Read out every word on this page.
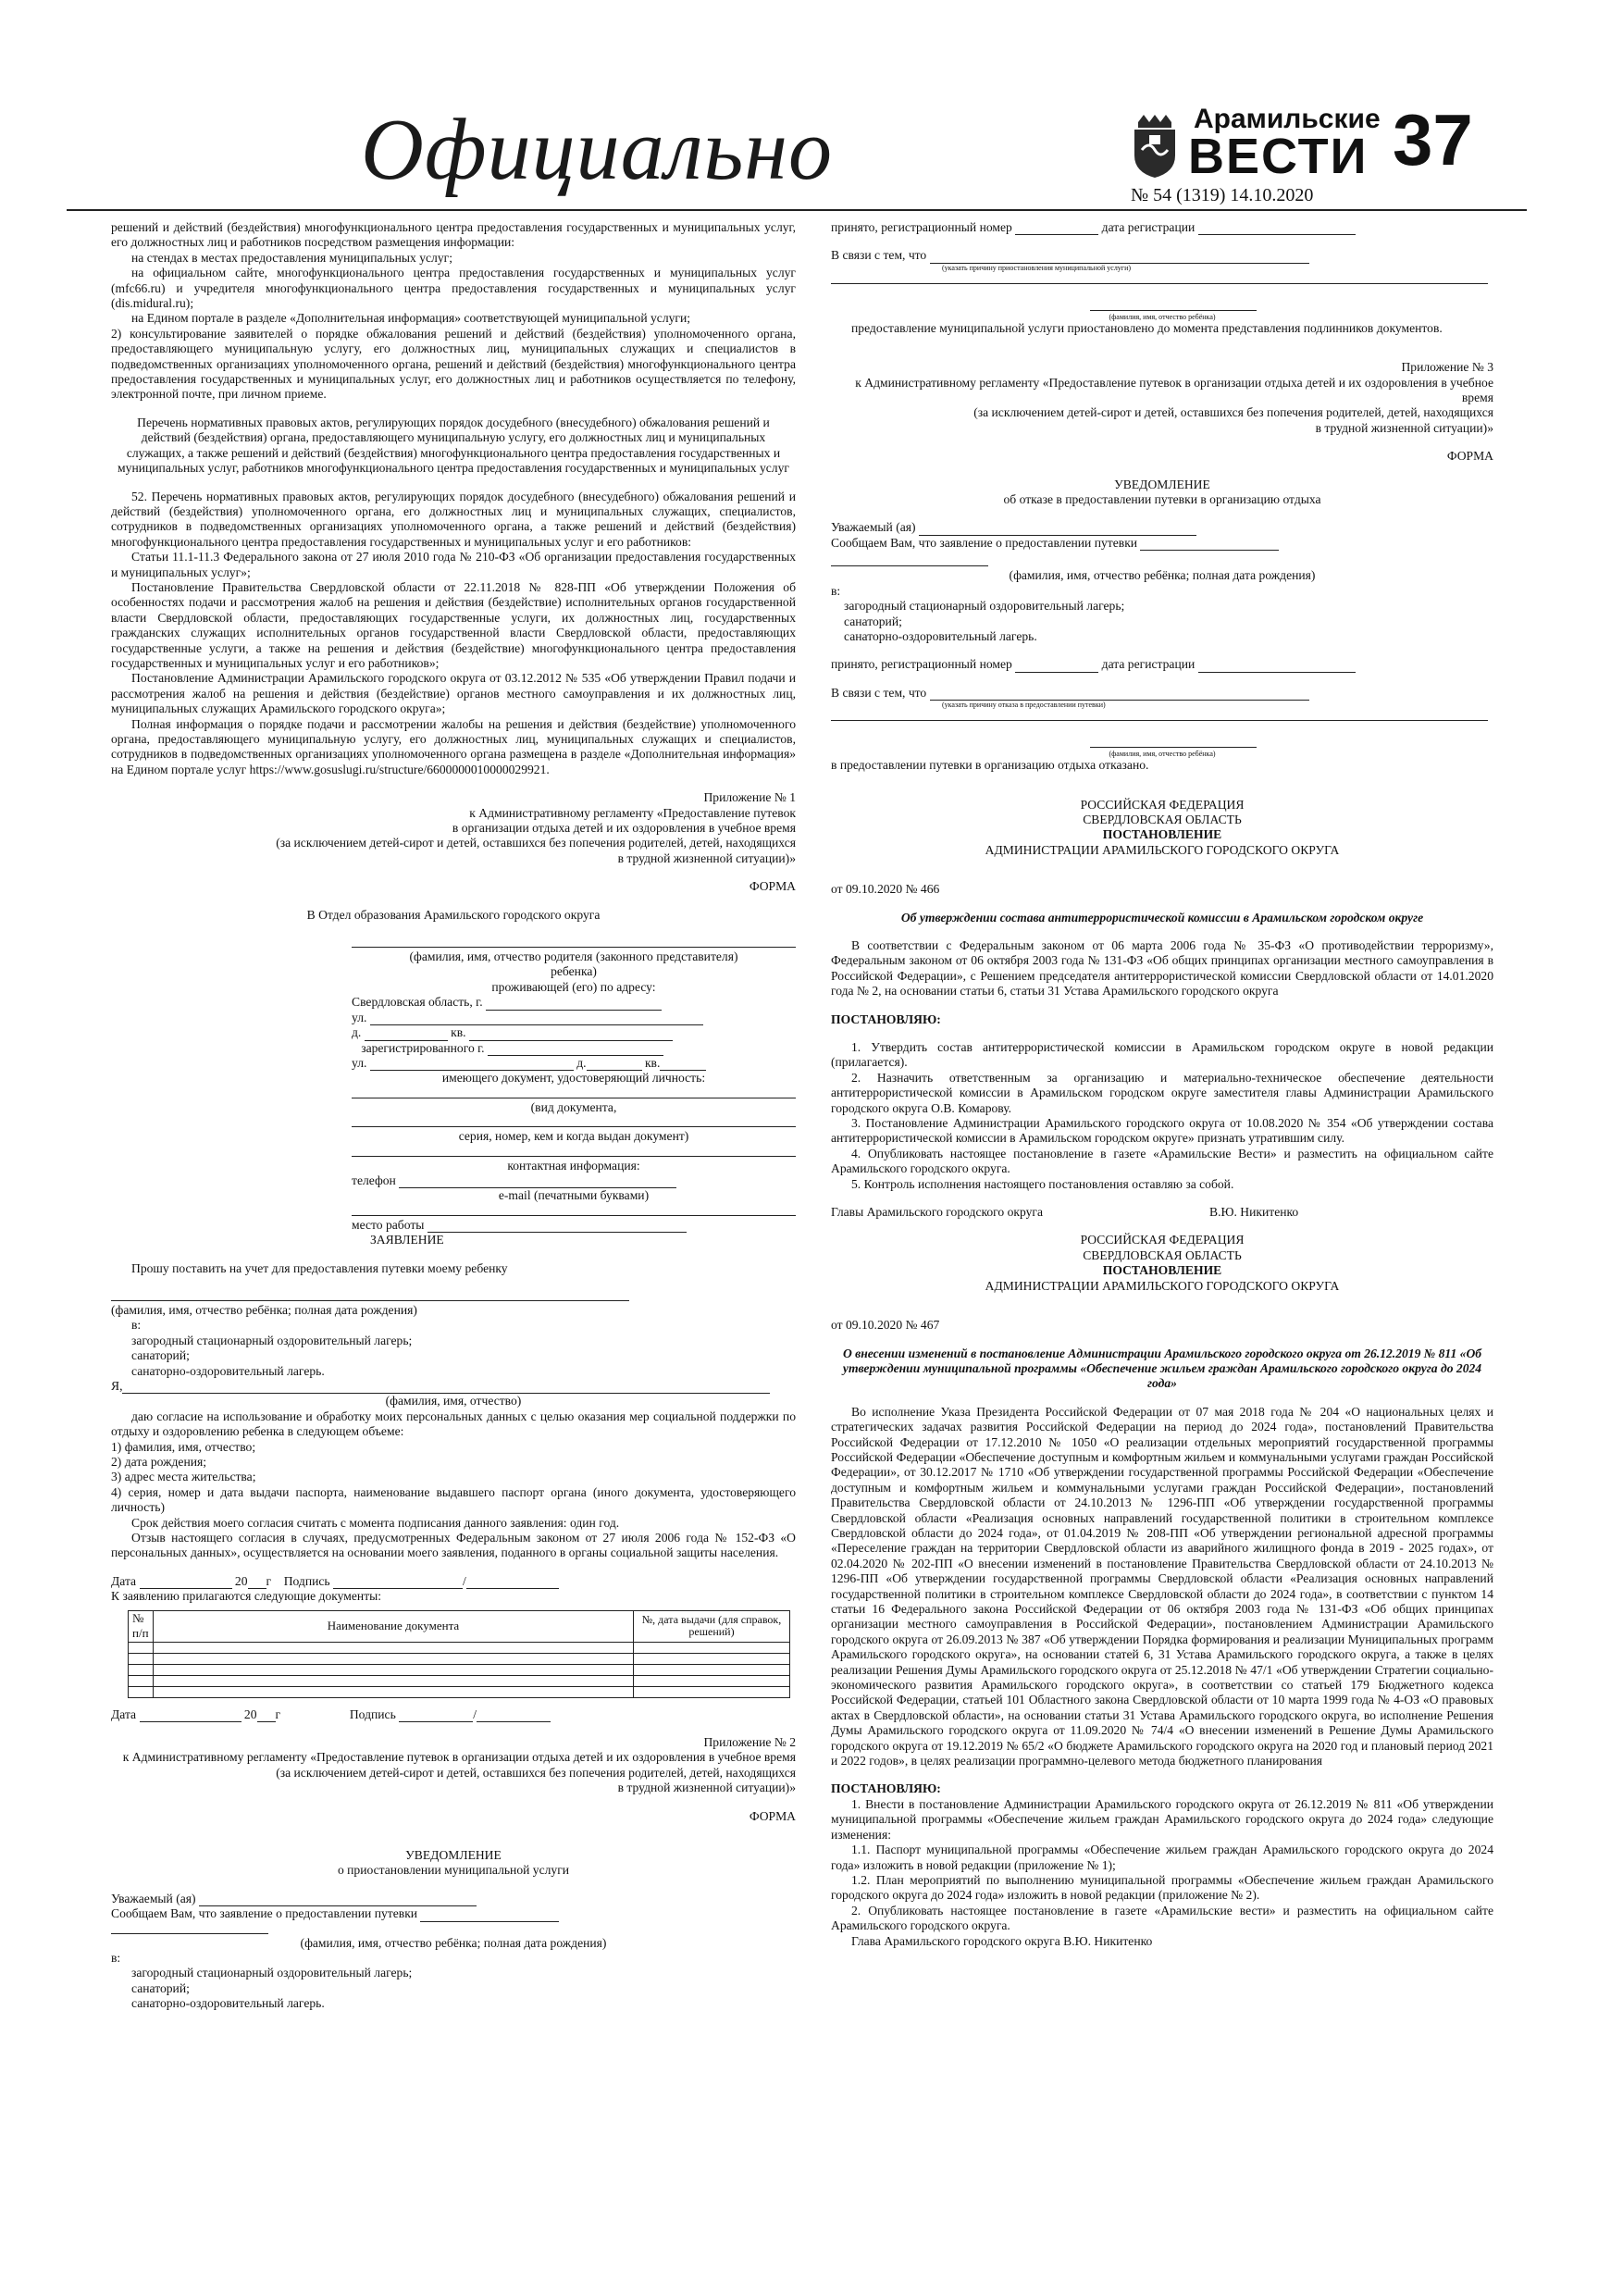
Официально	Арамильские
ВЕСТИ 37
№ 54 (1319) 14.10.2020

решений и действий (бездействия) многофункционального центра предоставления государственных и муниципальных услуг, его должностных лиц и работников посредством размещения информации:

на стендах в местах предоставления муниципальных услуг;

на официальном сайте, многофункционального центра предоставления государственных и муниципальных услуг (mfc66.ru) и учредителя многофункционального центра предоставления государственных и муниципальных услуг (dis.midural.ru);

на Едином портале в разделе «Дополнительная информация» соответствующей муниципальной услуги;

2) консультирование заявителей о порядке обжалования решений и действий (бездействия) уполномоченного органа, предоставляющего муниципальную услугу, его должностных лиц, муниципальных служащих и специалистов в подведомственных организациях уполномоченного органа, решений и действий (бездействия) многофункционального центра предоставления государственных и муниципальных услуг, его должностных лиц и работников осуществляется по телефону, электронной почте, при личном приеме.

Перечень нормативных правовых актов, регулирующих порядок досудебного (внесудебного) обжалования решений и действий (бездействия) органа, предоставляющего муниципальную услугу, его должностных лиц и муниципальных служащих, а также решений и действий (бездействия) многофункционального центра предоставления государственных и муниципальных услуг, работников многофункционального центра предоставления государственных и муниципальных услуг

52. Перечень нормативных правовых актов, регулирующих порядок досудебного (внесудебного) обжалования решений и действий (бездействия) уполномоченного органа, его должностных лиц и муниципальных служащих, специалистов, сотрудников в подведомственных организациях уполномоченного органа, а также решений и действий (бездействия) многофункционального центра предоставления государственных и муниципальных услуг и его работников:

Статьи 11.1-11.3 Федерального закона от 27 июля 2010 года № 210-ФЗ «Об организации предоставления государственных и муниципальных услуг»;

Постановление Правительства Свердловской области от 22.11.2018 № 828-ПП «Об утверждении Положения об особенностях подачи и рассмотрения жалоб на решения и действия (бездействие) исполнительных органов государственной власти Свердловской области, предоставляющих государственные услуги, их должностных лиц, государственных гражданских служащих исполнительных органов государственной власти Свердловской области, предоставляющих государственные услуги, а также на решения и действия (бездействие) многофункционального центра предоставления государственных и муниципальных услуг и его работников»;

Постановление Администрации Арамильского городского округа от 03.12.2012 № 535 «Об утверждении Правил подачи и рассмотрения жалоб на решения и действия (бездействие) органов местного самоуправления и их должностных лиц, муниципальных служащих Арамильского городского округа»;

Полная информация о порядке подачи и рассмотрении жалобы на решения и действия (бездействие) уполномоченного органа, предоставляющего муниципальную услугу, его должностных лиц, муниципальных служащих и специалистов, сотрудников в подведомственных организациях уполномоченного органа размещена в разделе «Дополнительная информация» на Едином портале услуг https://www.gosuslugi.ru/structure/6600000010000029921.

Приложение № 1

к Административному регламенту «Предоставление путевок

в организации отдыха детей и их оздоровления в учебное время

(за исключением детей-сирот и детей, оставшихся без попечения родителей, детей, находящихся

в трудной жизненной ситуации)»

ФОРМА

В Отдел образования Арамильского городского округа

(фамилия, имя, отчество родителя (законного представителя)

ребенка)

проживающей (его) по адресу:

Свердловская область, г.

ул.

д.	кв.

зарегистрированного г.

ул.	д.	кв.

имеющего документ, удостоверяющий личность:

(вид документа,

серия, номер, кем и когда выдан документ)

контактная информация:

телефон

e-mail (печатными буквами)

место работы

ЗАЯВЛЕНИЕ

Прошу поставить на учет для предоставления путевки моему ребенку

(фамилия, имя, отчество ребёнка; полная дата рождения)

в:

загородный стационарный оздоровительный лагерь;

санаторий;

санаторно-оздоровительный лагерь.

Я,

(фамилия, имя, отчество)

даю согласие на использование и обработку моих персональных данных с целью оказания мер социальной поддержки по отдыху и оздоровлению ребенка в следующем объеме:

1) фамилия, имя, отчество;

2) дата рождения;

3) адрес места жительства;

4) серия, номер и дата выдачи паспорта, наименование выдавшего паспорт органа (иного документа, удостоверяющего личность)

Срок действия моего согласия считать с момента подписания данного заявления: один год.

Отзыв настоящего согласия в случаях, предусмотренных Федеральным законом от 27 июля 2006 года № 152-ФЗ «О персональных данных», осуществляется на основании моего заявления, поданного в органы социальной защиты населения.

Дата	20 г Подпись	/

К заявлению прилагаются следующие документы:

№
п/п	Наименование документа	№, дата выдачи (для справок, решений)

Дата	20 г	Подпись	/

Приложение № 2

к Административному регламенту «Предоставление путевок в организации отдыха детей и их оздоровления в учебное время

(за исключением детей-сирот и детей, оставшихся без попечения родителей, детей, находящихся

в трудной жизненной ситуации)»

ФОРМА

УВЕДОМЛЕНИЕ

о приостановлении муниципальной услуги

Уважаемый (ая)

Сообщаем Вам, что заявление о предоставлении путевки

(фамилия, имя, отчество ребёнка; полная дата рождения)

в:

загородный стационарный оздоровительный лагерь;

санаторий;

санаторно-оздоровительный лагерь.

принято, регистрационный номер	дата регистрации

В связи с тем, что

(указать причину приостановления муниципальной услуги)

(фамилия, имя, отчество ребёнка)

предоставление муниципальной услуги приостановлено до момента представления подлинников документов.

Приложение № 3

к Административному регламенту «Предоставление путевок в организации отдыха детей и их оздоровления в учебное время

(за исключением детей-сирот и детей, оставшихся без попечения родителей, детей, находящихся

в трудной жизненной ситуации)»

ФОРМА

УВЕДОМЛЕНИЕ

об отказе в предоставлении путевки в организацию отдыха

Уважаемый (ая)

Сообщаем Вам, что заявление о предоставлении путевки

(фамилия, имя, отчество ребёнка; полная дата рождения)

в:

загородный стационарный оздоровительный лагерь;

санаторий;

санаторно-оздоровительный лагерь.

принято, регистрационный номер	дата регистрации

В связи с тем, что

(указать причину отказа в предоставлении путевки)

(фамилия, имя, отчество ребёнка)

в предоставлении путевки в организацию отдыха отказано.

РОССИЙСКАЯ ФЕДЕРАЦИЯ

СВЕРДЛОВСКАЯ ОБЛАСТЬ

ПОСТАНОВЛЕНИЕ

АДМИНИСТРАЦИИ АРАМИЛЬСКОГО ГОРОДСКОГО ОКРУГА

от 09.10.2020 № 466

Об утверждении состава антитеррористической комиссии в Арамильском городском округе

В соответствии с Федеральным законом от 06 марта 2006 года № 35-ФЗ «О противодействии терроризму», Федеральным законом от 06 октября 2003 года № 131-ФЗ «Об общих принципах организации местного самоуправления в Российской Федерации», с Решением председателя антитеррористической комиссии Свердловской области от 14.01.2020 года № 2, на основании статьи 6, статьи 31 Устава Арамильского городского округа

ПОСТАНОВЛЯЮ:

1. Утвердить состав антитеррористической комиссии в Арамильском городском округе в новой редакции (прилагается).

2. Назначить ответственным за организацию и материально-техническое обеспечение деятельности антитеррористической комиссии в Арамильском городском округе заместителя главы Администрации Арамильского городского округа О.В. Комарову.

3. Постановление Администрации Арамильского городского округа от 10.08.2020 № 354 «Об утверждении состава антитеррористической комиссии в Арамильском городском округе» признать утратившим силу.

4. Опубликовать настоящее постановление в газете «Арамильские Вести» и разместить на официальном сайте Арамильского городского округа.

5. Контроль исполнения настоящего постановления оставляю за собой.

Главы Арамильского городского округа	В.Ю. Никитенко

РОССИЙСКАЯ ФЕДЕРАЦИЯ

СВЕРДЛОВСКАЯ ОБЛАСТЬ

ПОСТАНОВЛЕНИЕ

АДМИНИСТРАЦИИ АРАМИЛЬСКОГО ГОРОДСКОГО ОКРУГА

от 09.10.2020 № 467

О внесении изменений в постановление Администрации Арамильского городского округа от 26.12.2019 № 811 «Об утверждении муниципальной программы «Обеспечение жильем граждан Арамильского городского округа до 2024 года»

Во исполнение Указа Президента Российской Федерации от 07 мая 2018 года № 204 «О национальных целях и стратегических задачах развития Российской Федерации на период до 2024 года», постановлений Правительства Российской Федерации от 17.12.2010 № 1050 «О реализации отдельных мероприятий государственной программы Российской Федерации «Обеспечение доступным и комфортным жильем и коммунальными услугами граждан Российской Федерации», от 30.12.2017 № 1710 «Об утверждении государственной программы Российской Федерации «Обеспечение доступным и комфортным жильем и коммунальными услугами граждан Российской Федерации», постановлений Правительства Свердловской области от 24.10.2013 № 1296-ПП «Об утверждении государственной программы Свердловской области «Реализация основных направлений государственной политики в строительном комплексе Свердловской области до 2024 года», от 01.04.2019 № 208-ПП «Об утверждении региональной адресной программы «Переселение граждан на территории Свердловской области из аварийного жилищного фонда в 2019 - 2025 годах», от 02.04.2020 № 202-ПП «О внесении изменений в постановление Правительства Свердловской области от 24.10.2013 № 1296-ПП «Об утверждении государственной программы Свердловской области «Реализация основных направлений государственной политики в строительном комплексе Свердловской области до 2024 года», в соответствии с пунктом 14 статьи 16 Федерального закона Российской Федерации от 06 октября 2003 года № 131-ФЗ «Об общих принципах организации местного самоуправления в Российской Федерации», постановлением Администрации Арамильского городского округа от 26.09.2013 № 387 «Об утверждении Порядка формирования и реализации Муниципальных программ Арамильского городского округа», на основании статей 6, 31 Устава Арамильского городского округа, а также в целях реализации Решения Думы Арамильского городского округа от 25.12.2018 № 47/1 «Об утверждении Стратегии социально-экономического развития Арамильского городского округа», в соответствии со статьей 179 Бюджетного кодекса Российской Федерации, статьей 101 Областного закона Свердловской области от 10 марта 1999 года № 4-ОЗ «О правовых актах в Свердловской области», на основании статьи 31 Устава Арамильского городского округа, во исполнение Решения Думы Арамильского городского округа от 11.09.2020 № 74/4 «О внесении изменений в Решение Думы Арамильского городского округа от 19.12.2019 № 65/2 «О бюджете Арамильского городского округа на 2020 год и плановый период 2021 и 2022 годов», в целях реализации программно-целевого метода бюджетного планирования

ПОСТАНОВЛЯЮ:

1. Внести в постановление Администрации Арамильского городского округа от 26.12.2019 № 811 «Об утверждении муниципальной программы «Обеспечение жильем граждан Арамильского городского округа до 2024 года» следующие изменения:

1.1. Паспорт муниципальной программы «Обеспечение жильем граждан Арамильского городского округа до 2024 года» изложить в новой редакции (приложение № 1);

1.2. План мероприятий по выполнению муниципальной программы «Обеспечение жильем граждан Арамильского городского округа до 2024 года» изложить в новой редакции (приложение № 2).

2. Опубликовать настоящее постановление в газете «Арамильские вести» и разместить на официальном сайте Арамильского городского округа.

Глава Арамильского городского округа В.Ю. Никитенко
